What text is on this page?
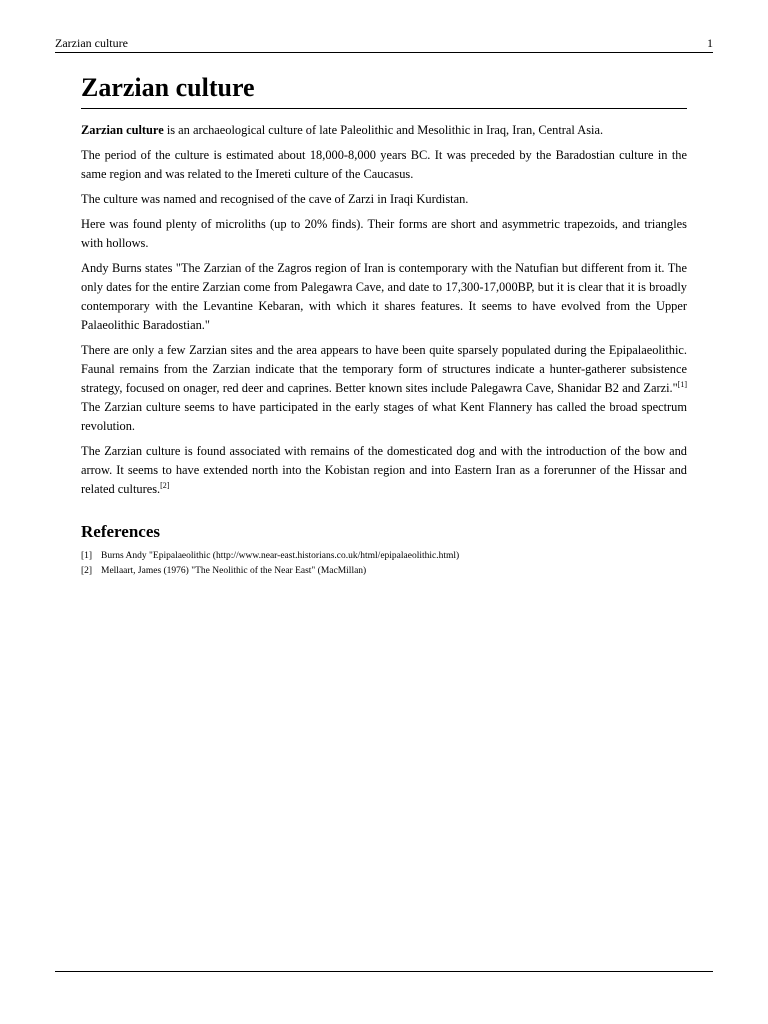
Zarzian culture	1
Zarzian culture

Zarzian culture is an archaeological culture of late Paleolithic and Mesolithic in Iraq, Iran, Central Asia.

The period of the culture is estimated about 18,000-8,000 years BC. It was preceded by the Baradostian culture in the same region and was related to the Imereti culture of the Caucasus.

The culture was named and recognised of the cave of Zarzi in Iraqi Kurdistan.

Here was found plenty of microliths (up to 20% finds). Their forms are short and asymmetric trapezoids, and triangles with hollows.

Andy Burns states "The Zarzian of the Zagros region of Iran is contemporary with the Natufian but different from it. The only dates for the entire Zarzian come from Palegawra Cave, and date to 17,300-17,000BP, but it is clear that it is broadly contemporary with the Levantine Kebaran, with which it shares features. It seems to have evolved from the Upper Palaeolithic Baradostian."

There are only a few Zarzian sites and the area appears to have been quite sparsely populated during the Epipalaeolithic. Faunal remains from the Zarzian indicate that the temporary form of structures indicate a hunter-gatherer subsistence strategy, focused on onager, red deer and caprines. Better known sites include Palegawra Cave, Shanidar B2 and Zarzi."[1] The Zarzian culture seems to have participated in the early stages of what Kent Flannery has called the broad spectrum revolution.

The Zarzian culture is found associated with remains of the domesticated dog and with the introduction of the bow and arrow. It seems to have extended north into the Kobistan region and into Eastern Iran as a forerunner of the Hissar and related cultures.[2]

References
[1] Burns Andy "Epipalaeolithic (http://www.near-east.historians.co.uk/html/epipalaeolithic.html)
[2] Mellaart, James (1976) "The Neolithic of the Near East" (MacMillan)
